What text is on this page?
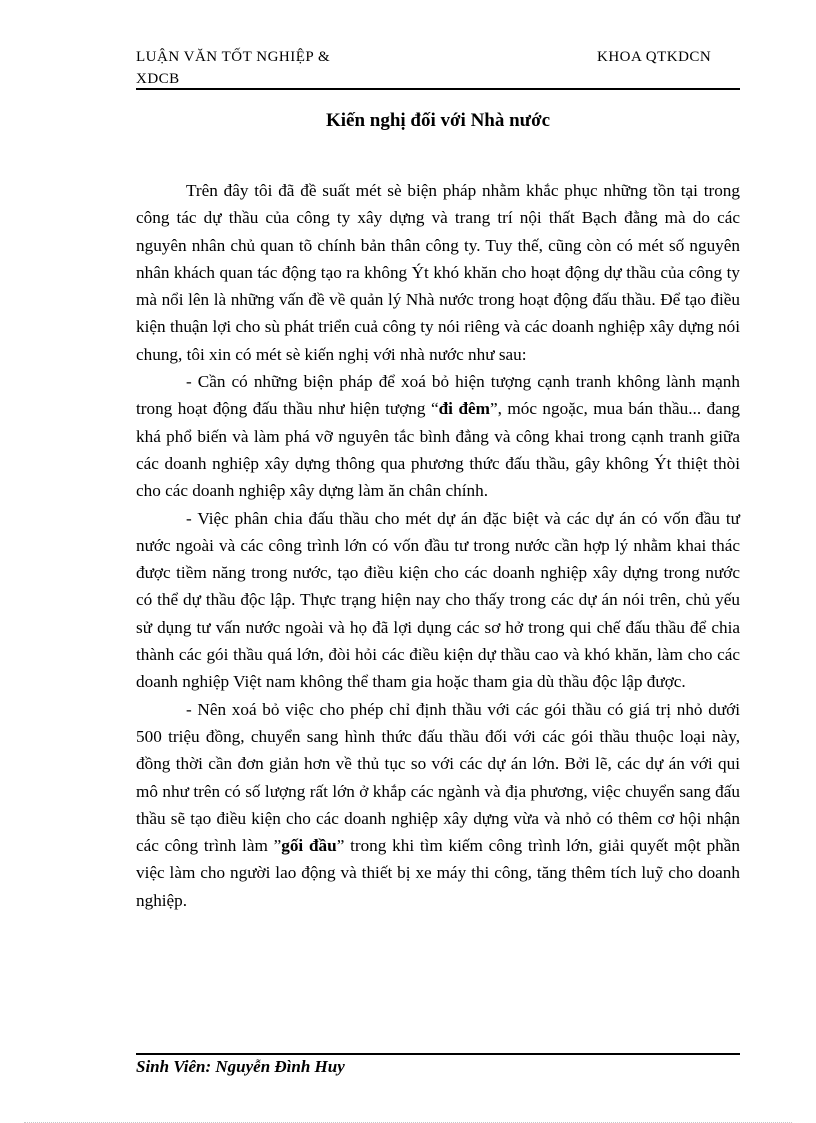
LUẬN VĂN TỐT NGHIỆP & XDCB
KHOA QTKDCN
Kiến nghị đối với Nhà nước

Trên đây tôi đã đề suất mét sè biện pháp nhằm khắc phục những tồn tại trong công tác dự thầu của công ty xây dựng và trang trí nội thất Bạch đằng mà do các nguyên nhân chủ quan tõ chính bản thân công ty. Tuy thế, cũng còn có mét số nguyên nhân khách quan tác động tạo ra không Ýt khó khăn cho hoạt động dự thầu của công ty mà nổi lên là những vấn đề về quản lý Nhà nước trong hoạt động đấu thầu. Để tạo điều kiện thuận lợi cho sù phát triển cuả công ty nói riêng và các doanh nghiệp xây dựng nói chung, tôi xin có mét sè kiến nghị với nhà nước như sau:

- Cần có những biện pháp để xoá bỏ hiện tượng cạnh tranh không lành mạnh trong hoạt động đấu thầu như hiện tượng “đi đêm”, móc ngoặc, mua bán thầu... đang khá phổ biến và làm phá vỡ nguyên tắc bình đẳng và công khai trong cạnh tranh giữa các doanh nghiệp xây dựng thông qua phương thức đấu thầu, gây không Ýt thiệt thòi cho các doanh nghiệp xây dựng làm ăn chân chính.

- Việc phân chia đấu thầu cho mét dự án đặc biệt và các dự án có vốn đầu tư nước ngoài và các công trình lớn có vốn đầu tư trong nước cần hợp lý nhằm khai thác được tiềm năng trong nước, tạo điều kiện cho các doanh nghiệp xây dựng trong nước có thể dự thầu độc lập. Thực trạng hiện nay cho thấy trong các dự án nói trên, chủ yếu sử dụng tư vấn nước ngoài và họ đã lợi dụng các sơ hở trong qui chế đấu thầu để chia thành các gói thầu quá lớn, đòi hỏi các điều kiện dự thầu cao và khó khăn, làm cho các doanh nghiệp Việt nam không thể tham gia hoặc tham gia dù thầu độc lập được.

- Nên xoá bỏ việc cho phép chỉ định thầu với các gói thầu có giá trị nhỏ dưới 500 triệu đồng, chuyển sang hình thức đấu thầu đối với các gói thầu thuộc loại này, đồng thời cần đơn giản hơn về thủ tục so với các dự án lớn. Bởi lẽ, các dự án với qui mô như trên có số lượng rất lớn ở khắp các ngành và địa phương, việc chuyển sang đấu thầu sẽ tạo điều kiện cho các doanh nghiệp xây dựng vừa và nhỏ có thêm cơ hội nhận các công trình làm ”gối đầu” trong khi tìm kiếm công trình lớn, giải quyết một phần việc làm cho người lao động và thiết bị xe máy thi công, tăng thêm tích luỹ cho doanh nghiệp.

Sinh Viên: Nguyễn Đình Huy
